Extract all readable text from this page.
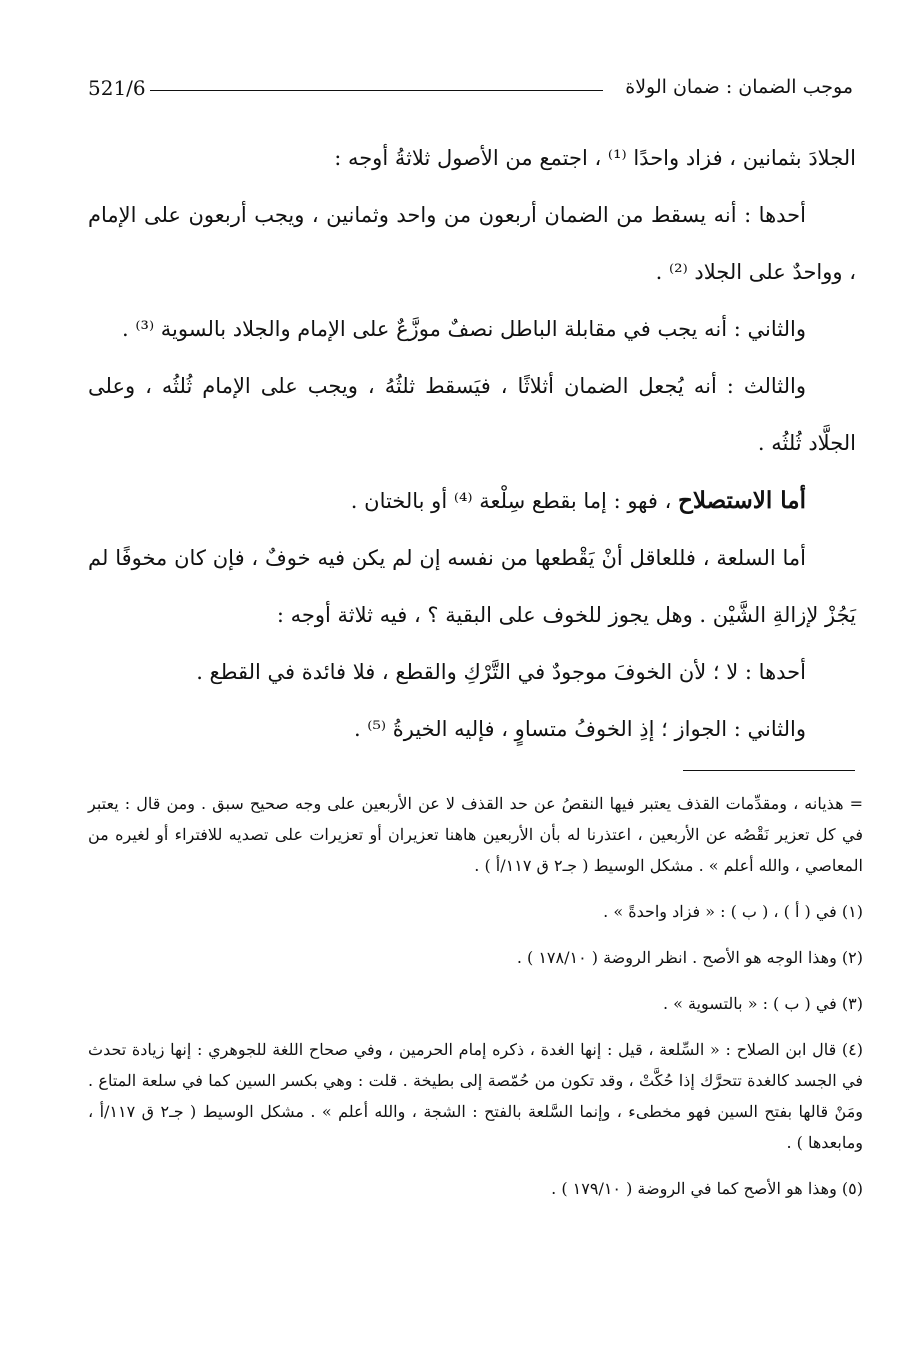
موجب الضمان : ضمان الولاة
521/6

الجلادَ بثمانين ، فزاد واحدًا ⁽¹⁾ ، اجتمع من الأصول ثلاثةُ أوجه :

أحدها : أنه يسقط من الضمان أربعون من واحد وثمانين ، ويجب أربعون على الإمام ، وواحدٌ على الجلاد ⁽²⁾ .

والثاني : أنه يجب في مقابلة الباطل نصفٌ موزَّعٌ على الإمام والجلاد بالسوية ⁽³⁾ .

والثالث : أنه يُجعل الضمان أثلاثًا ، فيَسقط ثلثُهُ ، ويجب على الإمام ثُلثُه ، وعلى الجلَّاد ثُلثُه .

أما الاستصلاح ، فهو : إما بقطع سِلْعة ⁽⁴⁾ أو بالختان .

أما السلعة ، فللعاقل أنْ يَقْطعها من نفسه إن لم يكن فيه خوفٌ ، فإن كان مخوفًا لم يَجُزْ لإزالةِ الشَّيْن . وهل يجوز للخوف على البقية ؟ ، فيه ثلاثة أوجه :

أحدها : لا ؛ لأن الخوفَ موجودٌ في التَّرْكِ والقطع ، فلا فائدة في القطع .

والثاني : الجواز ؛ إذِ الخوفُ متساوٍ ، فإليه الخيرةُ ⁽⁵⁾ .

= هذيانه ، ومقدِّمات القذف يعتبر فيها النقصُ عن حد القذف لا عن الأربعين على وجه صحيح سبق . ومن قال : يعتبر في كل تعزير نَقْصُه عن الأربعين ، اعتذرنا له بأن الأربعين هاهنا تعزيران أو تعزيرات على تصديه للافتراء أو لغيره من المعاصي ، والله أعلم » . مشكل الوسيط ( جـ٢ ق ١١٧/أ ) .

(١) في ( أ ) ، ( ب ) : « فزاد واحدةً » .

(٢) وهذا الوجه هو الأصح . انظر الروضة ( ١٧٨/١٠ ) .

(٣) في ( ب ) : « بالتسوية » .

(٤) قال ابن الصلاح : « السِّلعة ، قيل : إنها الغدة ، ذكره إمام الحرمين ، وفي صحاح اللغة للجوهري : إنها زيادة تحدث في الجسد كالغدة تتحرَّك إذا حُكَّتْ ، وقد تكون من حُمّصة إلى بطيخة . قلت : وهي بكسر السين كما في سلعة المتاع . ومَنْ قالها بفتح السين فهو مخطىء ، وإنما السَّلعة بالفتح : الشجة ، والله أعلم » . مشكل الوسيط ( جـ٢ ق ١١٧/أ ، ومابعدها ) .

(٥) وهذا هو الأصح كما في الروضة ( ١٧٩/١٠ ) .
